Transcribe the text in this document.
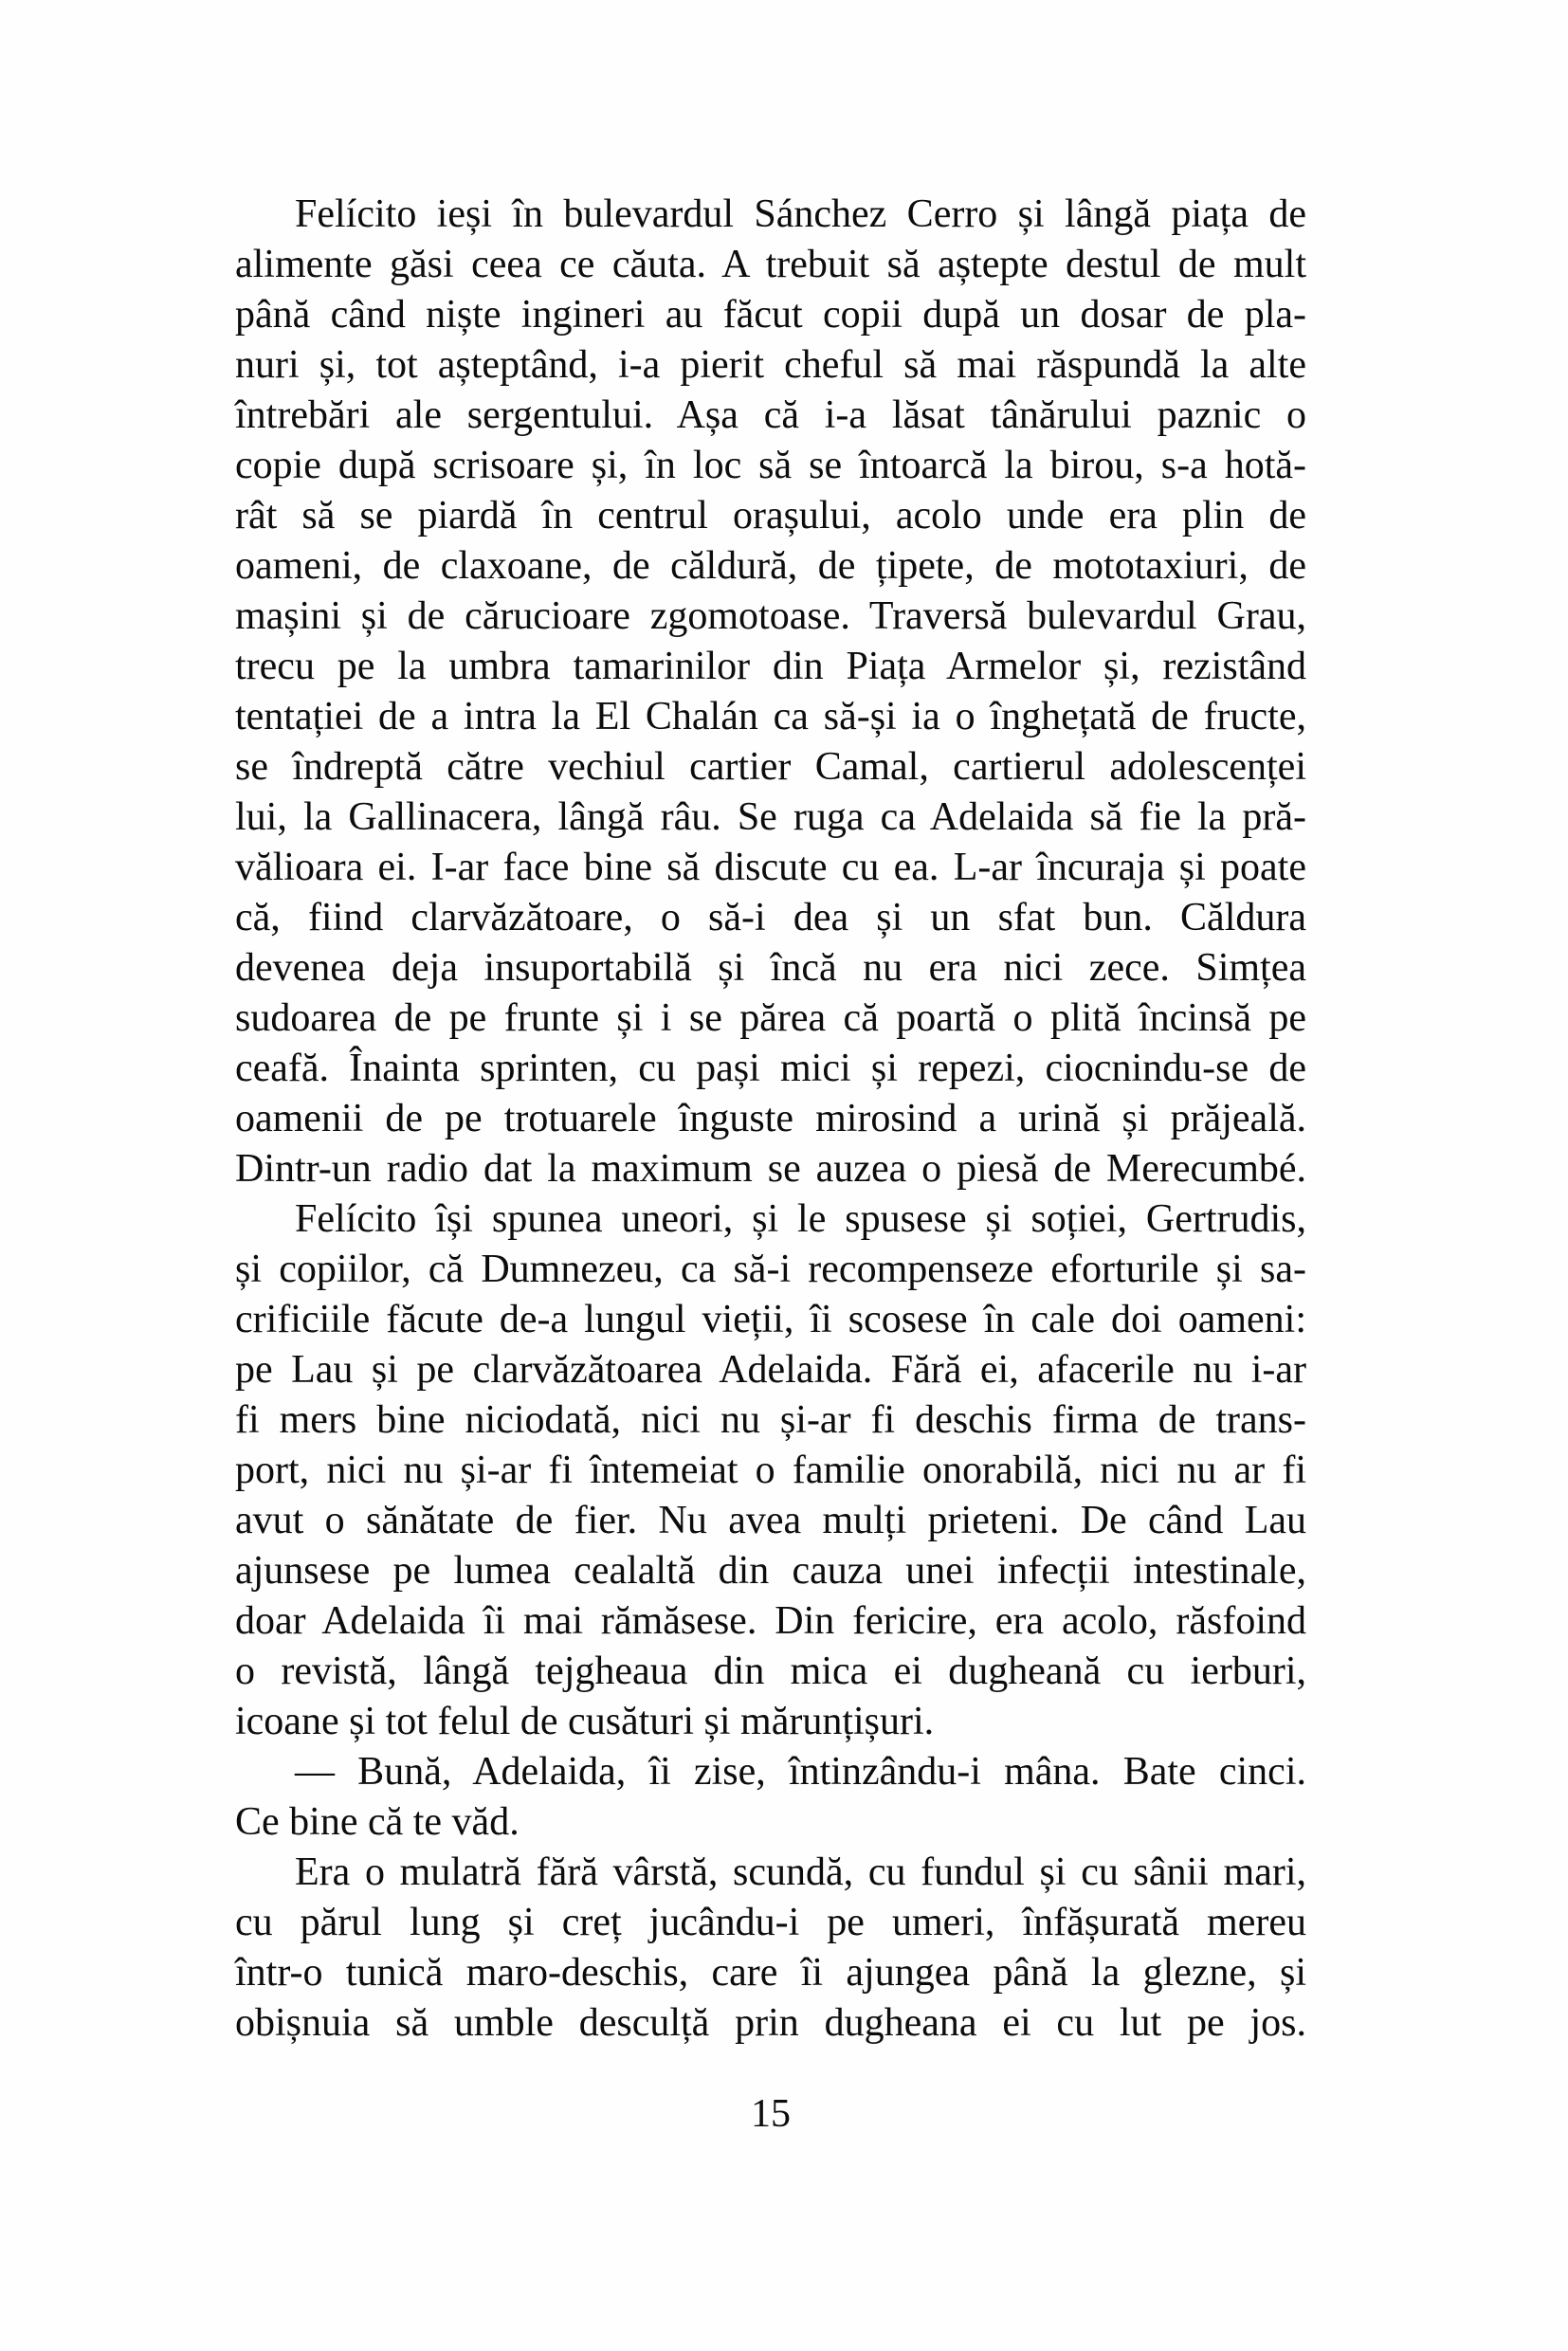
Felícito ieși în bulevardul Sánchez Cerro și lângă piața de
alimente găsi ceea ce căuta. A trebuit să aștepte destul de mult
până când niște ingineri au făcut copii după un dosar de pla-
nuri și, tot așteptând, i-a pierit cheful să mai răspundă la alte
întrebări ale sergentului. Așa că i-a lăsat tânărului paznic o
copie după scrisoare și, în loc să se întoarcă la birou, s-a hotă-
rât să se piardă în centrul orașului, acolo unde era plin de
oameni, de claxoane, de căldură, de țipete, de mototaxiuri, de
mașini și de cărucioare zgomotoase. Traversă bulevardul Grau,
trecu pe la umbra tamarinilor din Piața Armelor și, rezistând
tentației de a intra la El Chalán ca să-și ia o înghețată de fructe,
se îndreptă către vechiul cartier Camal, cartierul adolescenței
lui, la Gallinacera, lângă râu. Se ruga ca Adelaida să fie la pră-
vălioara ei. I-ar face bine să discute cu ea. L-ar încuraja și poate
că, fiind clarvăzătoare, o să-i dea și un sfat bun. Căldura
devenea deja insuportabilă și încă nu era nici zece. Simțea
sudoarea de pe frunte și i se părea că poartă o plită încinsă pe
ceafă. Înainta sprinten, cu pași mici și repezi, ciocnindu-se de
oamenii de pe trotuarele înguste mirosind a urină și prăjeală.
Dintr-un radio dat la maximum se auzea o piesă de Merecumbé.
Felícito își spunea uneori, și le spusese și soției, Gertrudis,
și copiilor, că Dumnezeu, ca să-i recompenseze eforturile și sa-
crificiile făcute de-a lungul vieții, îi scosese în cale doi oameni:
pe Lau și pe clarvăzătoarea Adelaida. Fără ei, afacerile nu i-ar
fi mers bine niciodată, nici nu și-ar fi deschis firma de trans-
port, nici nu și-ar fi întemeiat o familie onorabilă, nici nu ar fi
avut o sănătate de fier. Nu avea mulți prieteni. De când Lau
ajunsese pe lumea cealaltă din cauza unei infecții intestinale,
doar Adelaida îi mai rămăsese. Din fericire, era acolo, răsfoind
o revistă, lângă tejgheaua din mica ei dugheană cu ierburi,
icoane și tot felul de cusături și mărunțișuri.
— Bună, Adelaida, îi zise, întinzându-i mâna. Bate cinci.
Ce bine că te văd.
Era o mulatră fără vârstă, scundă, cu fundul și cu sânii mari,
cu părul lung și creț jucându-i pe umeri, înfășurată mereu
într-o tunică maro-deschis, care îi ajungea până la glezne, și
obișnuia să umble desculță prin dugheana ei cu lut pe jos.
15
